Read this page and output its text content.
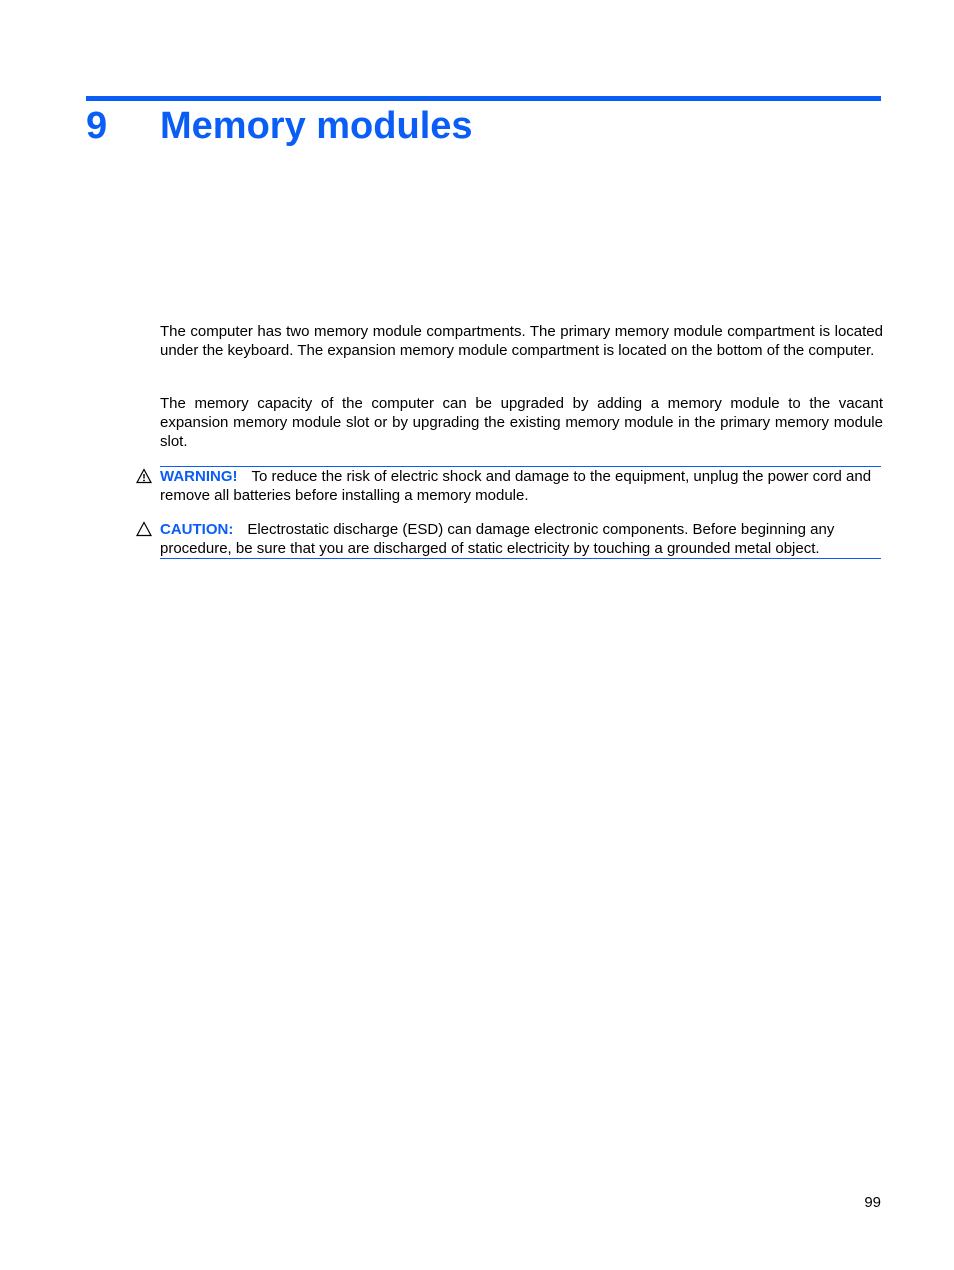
9 Memory modules

The computer has two memory module compartments. The primary memory module compartment is located under the keyboard. The expansion memory module compartment is located on the bottom of the computer.

The memory capacity of the computer can be upgraded by adding a memory module to the vacant expansion memory module slot or by upgrading the existing memory module in the primary memory module slot.

WARNING! To reduce the risk of electric shock and damage to the equipment, unplug the power cord and remove all batteries before installing a memory module.

CAUTION: Electrostatic discharge (ESD) can damage electronic components. Before beginning any procedure, be sure that you are discharged of static electricity by touching a grounded metal object.

99
